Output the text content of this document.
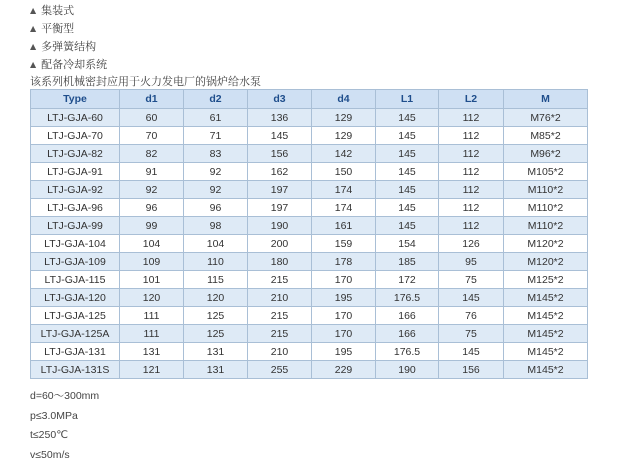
▲ 集装式
▲ 平衡型
▲ 多弹簧结构
▲ 配备冷却系统
该系列机械密封应用于火力发电厂的锅炉给水泵
Type	d1	d2	d3	d4	L1	L2	M
LTJ-GJA-60	60	61	136	129	145	112	M76*2
LTJ-GJA-70	70	71	145	129	145	112	M85*2
LTJ-GJA-82	82	83	156	142	145	112	M96*2
LTJ-GJA-91	91	92	162	150	145	112	M105*2
LTJ-GJA-92	92	92	197	174	145	112	M110*2
LTJ-GJA-96	96	96	197	174	145	112	M110*2
LTJ-GJA-99	99	98	190	161	145	112	M110*2
LTJ-GJA-104	104	104	200	159	154	126	M120*2
LTJ-GJA-109	109	110	180	178	185	95	M120*2
LTJ-GJA-115	101	115	215	170	172	75	M125*2
LTJ-GJA-120	120	120	210	195	176.5	145	M145*2
LTJ-GJA-125	111	125	215	170	166	76	M145*2
LTJ-GJA-125A	111	125	215	170	166	75	M145*2
LTJ-GJA-131	131	131	210	195	176.5	145	M145*2
LTJ-GJA-131S	121	131	255	229	190	156	M145*2
d=60～300mm
p≤3.0MPa
t≤250℃
v≤50m/s
